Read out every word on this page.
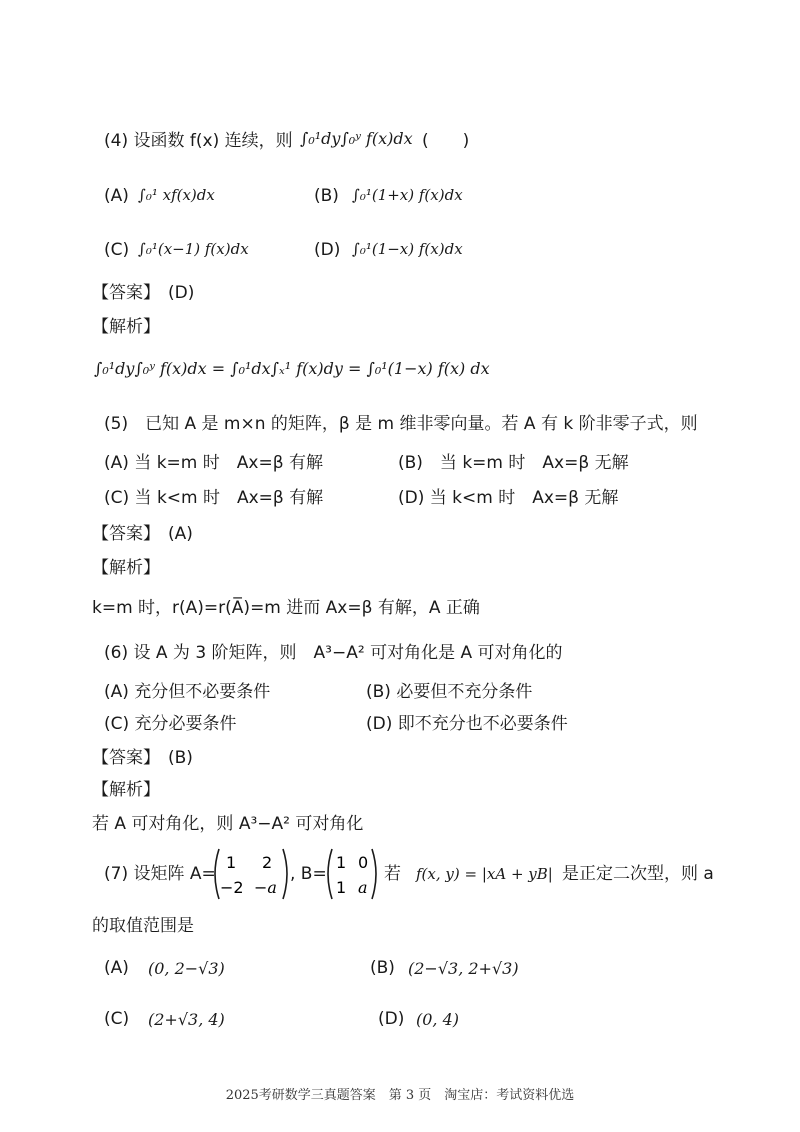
(4) 设函数 f(x) 连续，则 ∫₀¹dy∫₀ʸ f(x)dx (　　)
(A) ∫₀¹ xf(x)dx	(B) ∫₀¹(1+x) f(x)dx
(C) ∫₀¹(x−1) f(x)dx	(D) ∫₀¹(1−x) f(x)dx
【答案】 (D)
【解析】
∫₀¹dy∫₀ʸ f(x)dx = ∫₀¹dx∫ₓ¹ f(x)dy = ∫₀¹(1−x) f(x) dx
(5)　已知 A 是 m×n 的矩阵，β 是 m 维非零向量。若 A 有 k 阶非零子式，则
(A) 当 k=m 时　Ax=β 有解	(B)　当 k=m 时　Ax=β 无解
(C) 当 k<m 时　Ax=β 有解	(D) 当 k<m 时　Ax=β 无解
【答案】 (A)
【解析】
k=m 时，r(A)=r(A̅)=m 进而 Ax=β 有解，A 正确
(6) 设 A 为 3 阶矩阵，则　A³−A² 可对角化是 A 可对角化的
(A) 充分但不必要条件	(B) 必要但不充分条件
(C) 充分必要条件	(D) 即不充分也不必要条件
【答案】 (B)
【解析】
若 A 可对角化，则 A³−A² 可对角化
(7) 设矩阵 A=
1 2
−2 −a
, B=
1 0
1 a
若 f(x, y) = |xA + yB| 是正定二次型，则 a
的取值范围是
(A) (0, 2−√3)	(B) (2−√3, 2+√3)
(C) (2+√3, 4)	(D) (0, 4)
2025考研数学三真题答案　第 3 页　淘宝店：考试资料优选
